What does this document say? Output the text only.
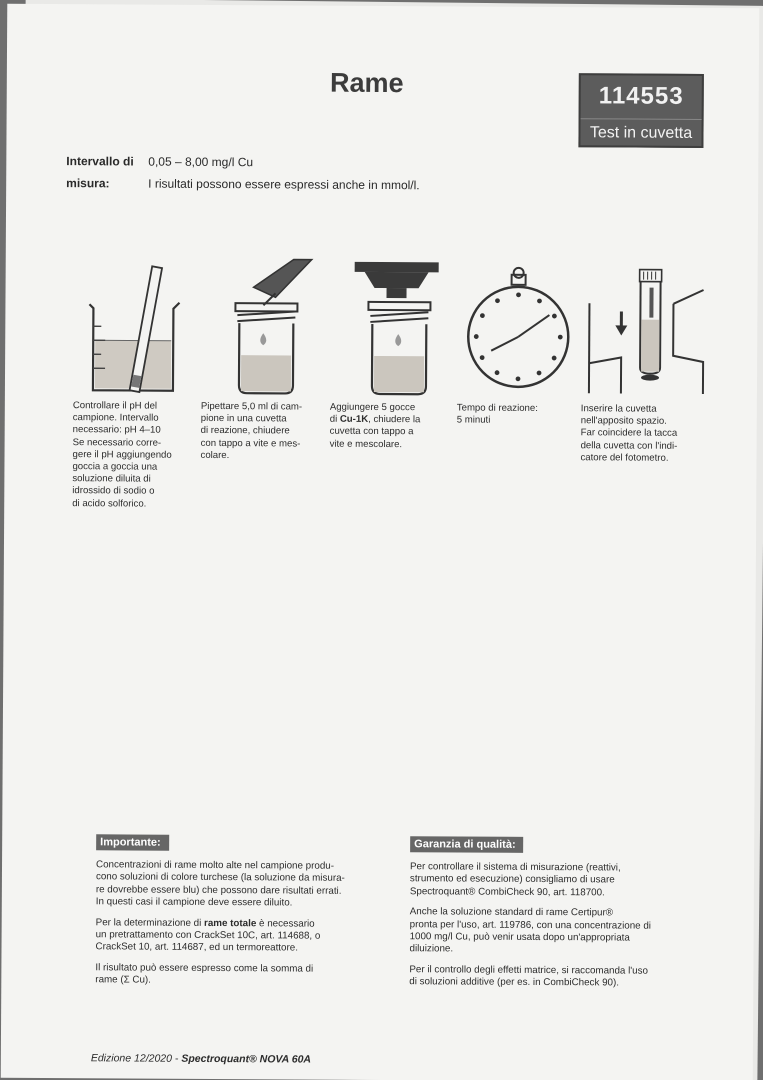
Rame	114553
Test in cuvetta
Intervallo di
misura:
0,05 – 8,00 mg/l Cu
I risultati possono essere espressi anche in mmol/l.
Controllare il pH del
campione. Intervallo
necessario: pH 4–10
Se necessario corre-
gere il pH aggiungendo
goccia a goccia una
soluzione diluita di
idrossido di sodio o
di acido solforico.
Pipettare 5,0 ml di cam-
pione in una cuvetta
di reazione, chiudere
con tappo a vite e mes-
colare.
Aggiungere 5 gocce
di Cu-1K, chiudere la
cuvetta con tappo a
vite e mescolare.
Tempo di reazione:
5 minuti
Inserire la cuvetta
nell'apposito spazio.
Far coincidere la tacca
della cuvetta con l'indi-
catore del fotometro.
Importante:

Concentrazioni di rame molto alte nel campione produ-
cono soluzioni di colore turchese (la soluzione da misura-
re dovrebbe essere blu) che possono dare risultati errati.
In questi casi il campione deve essere diluito.

Per la determinazione di rame totale è necessario
un pretrattamento con CrackSet 10C, art. 114688, o
CrackSet 10, art. 114687, ed un termoreattore.

Il risultato può essere espresso come la somma di
rame (Σ Cu).

Garanzia di qualità:

Per controllare il sistema di misurazione (reattivi,
strumento ed esecuzione) consigliamo di usare
Spectroquant® CombiCheck 90, art. 118700.

Anche la soluzione standard di rame Certipur®
pronta per l'uso, art. 119786, con una concentrazione di
1000 mg/l Cu, può venir usata dopo un'appropriata
diluizione.

Per il controllo degli effetti matrice, si raccomanda l'uso
di soluzioni additive (per es. in CombiCheck 90).

Edizione 12/2020 - Spectroquant® NOVA 60A
